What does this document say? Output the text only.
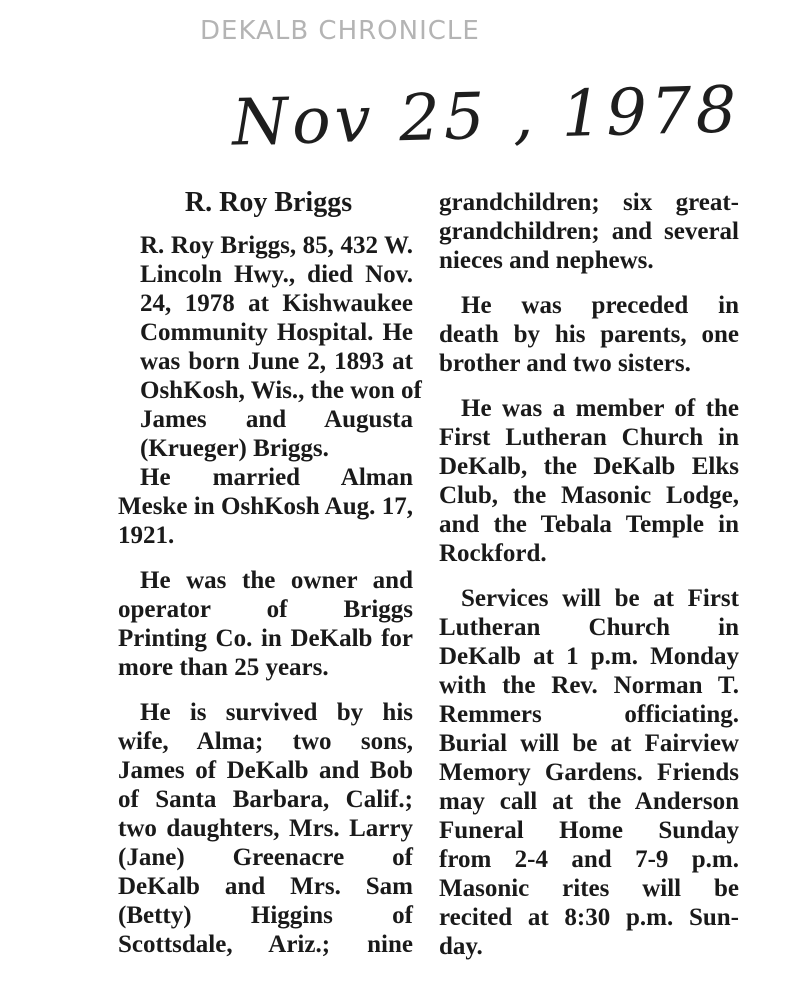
DEKALB CHRONICLE
Nov 25 , 1978
R. Roy Briggs

R. Roy Briggs, 85, 432 W.
Lincoln Hwy., died Nov.
24, 1978 at Kishwaukee
Community Hospital. He
was born June 2, 1893 at
OshKosh, Wis., the won of
James and Augusta
(Krueger) Briggs.

He married Alman
Meske in OshKosh Aug. 17,
1921.

He was the owner and
operator of Briggs
Printing Co. in DeKalb for
more than 25 years.

He is survived by his
wife, Alma; two sons,
James of DeKalb and Bob
of Santa Barbara, Calif.;
two daughters, Mrs. Larry
(Jane) Greenacre of
DeKalb and Mrs. Sam
(Betty) Higgins of
Scottsdale, Ariz.; nine

grandchildren; six great-
grandchildren; and several
nieces and nephews.

He was preceded in
death by his parents, one
brother and two sisters.

He was a member of the
First Lutheran Church in
DeKalb, the DeKalb Elks
Club, the Masonic Lodge,
and the Tebala Temple in
Rockford.

Services will be at First
Lutheran Church in
DeKalb at 1 p.m. Monday
with the Rev. Norman T.
Remmers officiating.
Burial will be at Fairview
Memory Gardens. Friends
may call at the Anderson
Funeral Home Sunday
from 2-4 and 7-9 p.m.
Masonic rites will be
recited at 8:30 p.m. Sun-
day.
